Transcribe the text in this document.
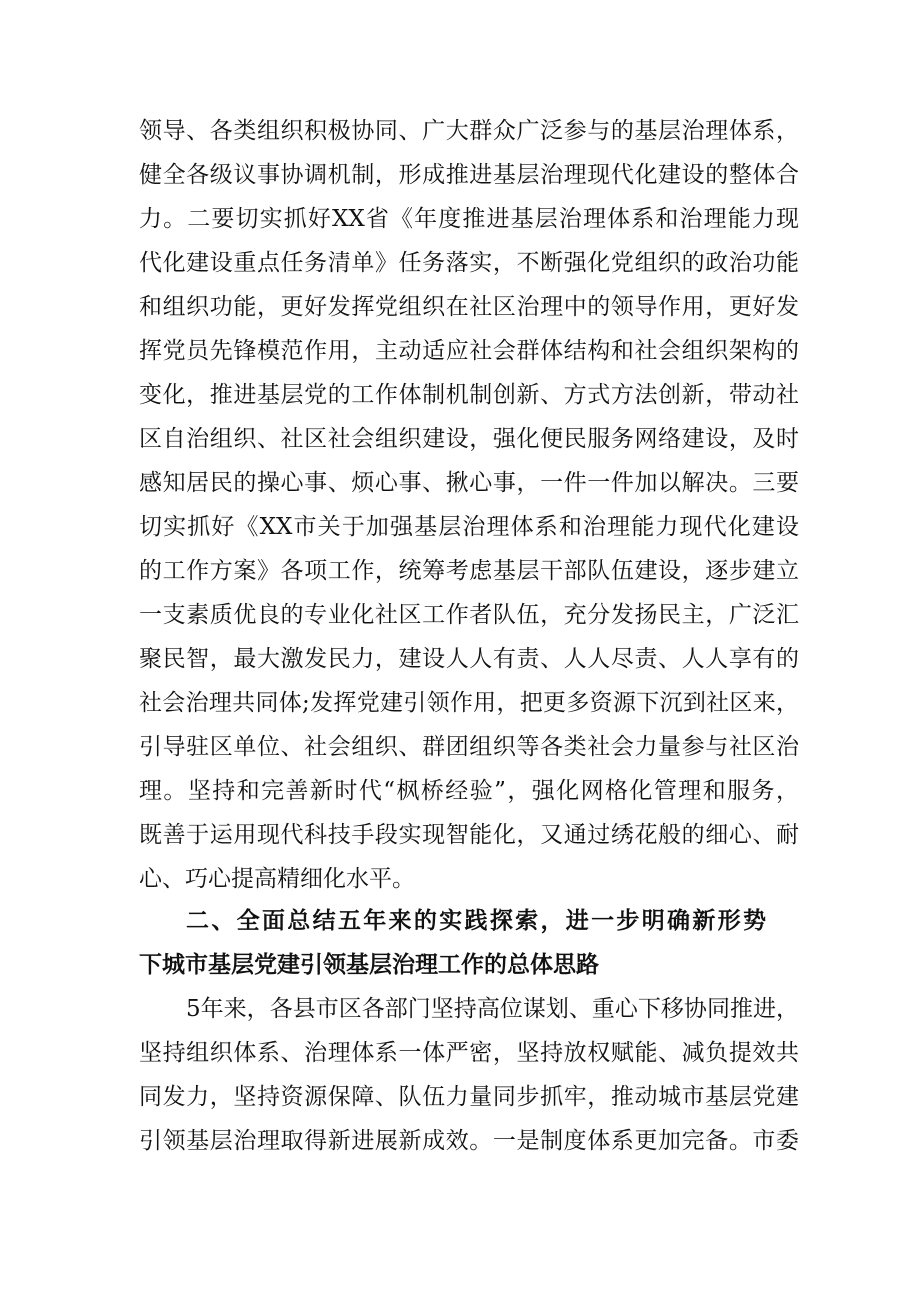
领导、各类组织积极协同、广大群众广泛参与的基层治理体系，
健全各级议事协调机制，形成推进基层治理现代化建设的整体合
力。二要切实抓好XX省《年度推进基层治理体系和治理能力现
代化建设重点任务清单》任务落实，不断强化党组织的政治功能
和组织功能，更好发挥党组织在社区治理中的领导作用，更好发
挥党员先锋模范作用，主动适应社会群体结构和社会组织架构的
变化，推进基层党的工作体制机制创新、方式方法创新，带动社
区自治组织、社区社会组织建设，强化便民服务网络建设，及时
感知居民的操心事、烦心事、揪心事，一件一件加以解决。三要
切实抓好《XX市关于加强基层治理体系和治理能力现代化建设
的工作方案》各项工作，统筹考虑基层干部队伍建设，逐步建立
一支素质优良的专业化社区工作者队伍，充分发扬民主，广泛汇
聚民智，最大激发民力，建设人人有责、人人尽责、人人享有的
社会治理共同体;发挥党建引领作用，把更多资源下沉到社区来，
引导驻区单位、社会组织、群团组织等各类社会力量参与社区治
理。坚持和完善新时代“枫桥经验”，强化网格化管理和服务，
既善于运用现代科技手段实现智能化，又通过绣花般的细心、耐
心、巧心提高精细化水平。
二、全面总结五年来的实践探索，进一步明确新形势
下城市基层党建引领基层治理工作的总体思路
5年来，各县市区各部门坚持高位谋划、重心下移协同推进，
坚持组织体系、治理体系一体严密，坚持放权赋能、减负提效共
同发力，坚持资源保障、队伍力量同步抓牢，推动城市基层党建
引领基层治理取得新进展新成效。一是制度体系更加完备。市委
